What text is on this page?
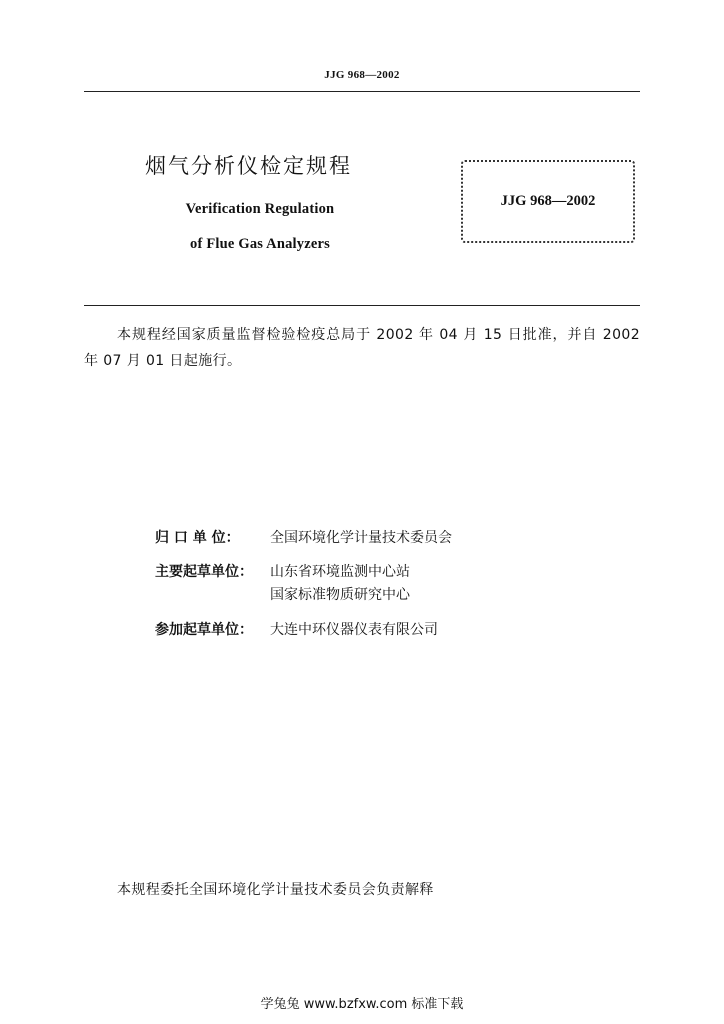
JJG 968—2002
烟气分析仪检定规程
Verification Regulation
of Flue Gas Analyzers
JJG 968—2002
本规程经国家质量监督检验检疫总局于 2002 年 04 月 15 日批准，并自 2002 年 07 月 01 日起施行。
归 口 单 位： 全国环境化学计量技术委员会
主要起草单位： 山东省环境监测中心站
国家标准物质研究中心
参加起草单位： 大连中环仪器仪表有限公司
本规程委托全国环境化学计量技术委员会负责解释
学兔兔 www.bzfxw.com 标准下载
